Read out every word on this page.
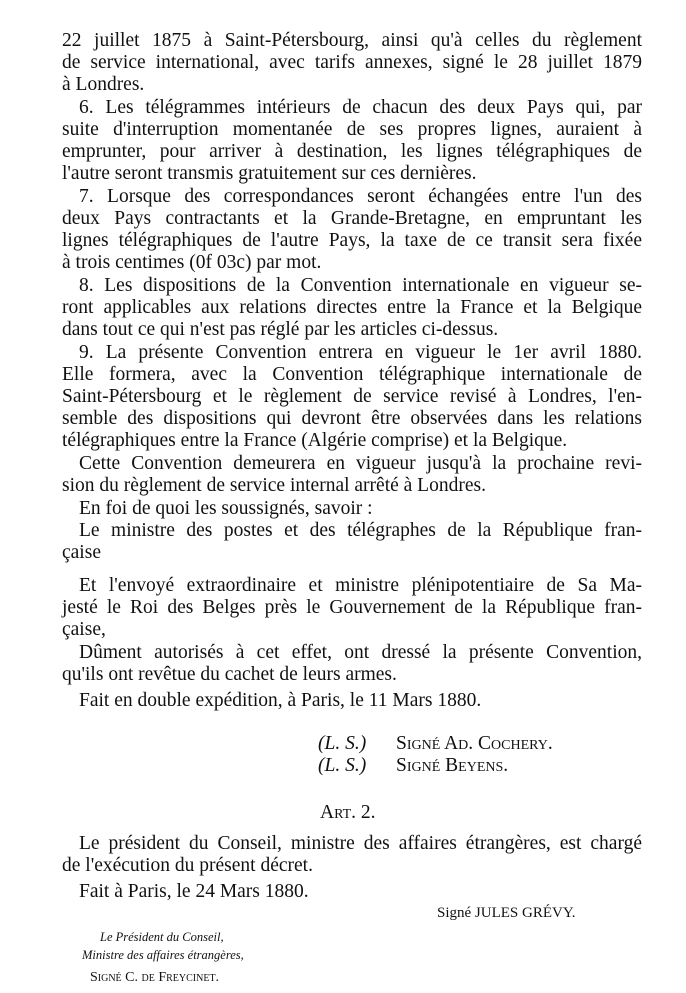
22 juillet 1875 à Saint-Pétersbourg, ainsi qu'à celles du règlement
de service international, avec tarifs annexes, signé le 28 juillet 1879
à Londres.
6. Les télégrammes intérieurs de chacun des deux Pays qui, par
suite d'interruption momentanée de ses propres lignes, auraient à
emprunter, pour arriver à destination, les lignes télégraphiques de
l'autre seront transmis gratuitement sur ces dernières.
7. Lorsque des correspondances seront échangées entre l'un des
deux Pays contractants et la Grande-Bretagne, en empruntant les
lignes télégraphiques de l'autre Pays, la taxe de ce transit sera fixée
à trois centimes (0f 03c) par mot.
8. Les dispositions de la Convention internationale en vigueur se-
ront applicables aux relations directes entre la France et la Belgique
dans tout ce qui n'est pas réglé par les articles ci-dessus.
9. La présente Convention entrera en vigueur le 1er avril 1880.
Elle formera, avec la Convention télégraphique internationale de
Saint-Pétersbourg et le règlement de service revisé à Londres, l'en-
semble des dispositions qui devront être observées dans les relations
télégraphiques entre la France (Algérie comprise) et la Belgique.
Cette Convention demeurera en vigueur jusqu'à la prochaine revi-
sion du règlement de service internal arrêté à Londres.
En foi de quoi les soussignés, savoir :
Le ministre des postes et des télégraphes de la République fran-
çaise
Et l'envoyé extraordinaire et ministre plénipotentiaire de Sa Ma-
jesté le Roi des Belges près le Gouvernement de la République fran-
çaise,
Dûment autorisés à cet effet, ont dressé la présente Convention,
qu'ils ont revêtue du cachet de leurs armes.
Fait en double expédition, à Paris, le 11 Mars 1880.
(L. S.) Signé Ad. Cochery.
(L. S.) Signé Beyens.
Art. 2.
Le président du Conseil, ministre des affaires étrangères, est chargé
de l'exécution du présent décret.
Fait à Paris, le 24 Mars 1880.
Signé JULES GRÉVY.
Le Président du Conseil,
Ministre des affaires étrangères,
Signé C. de Freycinet.
